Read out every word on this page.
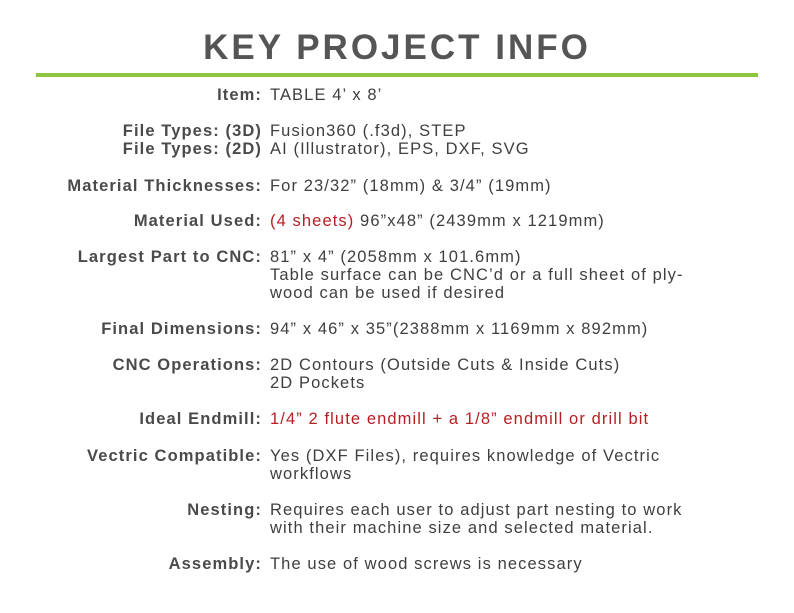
KEY PROJECT INFO
Item: TABLE 4’ x 8’
File Types: (3D) Fusion360 (.f3d), STEP
File Types: (2D) AI (Illustrator), EPS, DXF, SVG
Material Thicknesses: For 23/32” (18mm) & 3/4” (19mm)
Material Used: (4 sheets) 96”x48” (2439mm x 1219mm)
Largest Part to CNC: 81” x 4” (2058mm x 101.6mm)
Table surface can be CNC’d or a full sheet of ply-
wood can be used if desired
Final Dimensions: 94” x 46” x 35”(2388mm x 1169mm x 892mm)
CNC Operations: 2D Contours (Outside Cuts & Inside Cuts)
2D Pockets
Ideal Endmill: 1/4” 2 flute endmill + a 1/8” endmill or drill bit
Vectric Compatible: Yes (DXF Files), requires knowledge of Vectric
workflows
Nesting: Requires each user to adjust part nesting to work
with their machine size and selected material.
Assembly: The use of wood screws is necessary
